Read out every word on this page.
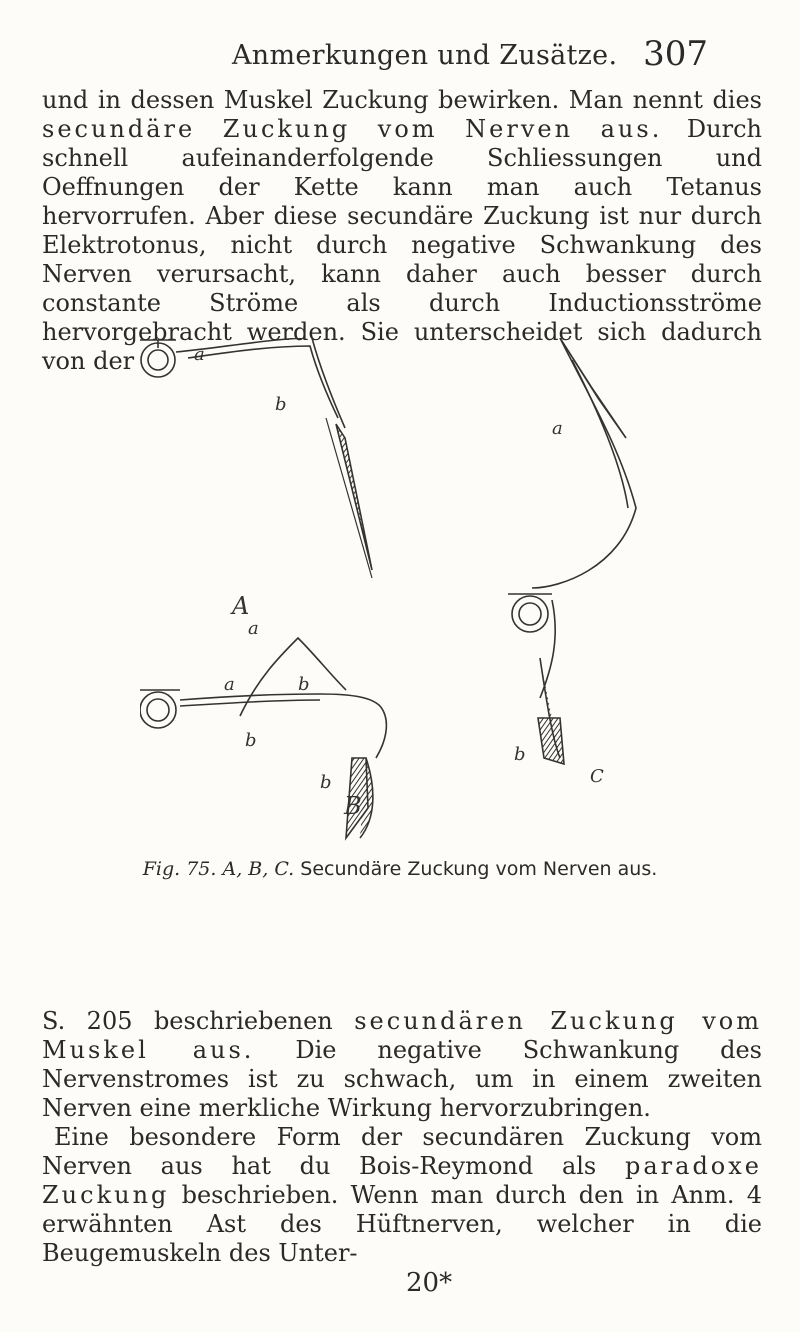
Anmerkungen und Zusätze. 307

und in dessen Muskel Zuckung bewirken. Man nennt dies secundäre Zuckung vom Nerven aus. Durch schnell aufeinanderfolgende Schliessungen und Oeffnungen der Kette kann man auch Tetanus hervorrufen. Aber diese secundäre Zuckung ist nur durch Elektrotonus, nicht durch negative Schwankung des Nerven verursacht, kann daher auch besser durch constante Ströme als durch Inductionsströme hervorgebracht werden. Sie unterscheidet sich dadurch von der	a
b
A
a
a	b
b
b
B
a
b
C
Fig. 75. A, B, C. Secundäre Zuckung vom Nerven aus.

S. 205 beschriebenen secundären Zuckung vom Muskel aus. Die negative Schwankung des Nervenstromes ist zu schwach, um in einem zweiten Nerven eine merkliche Wirkung hervorzubringen.

Eine besondere Form der secundären Zuckung vom Nerven aus hat du Bois-Reymond als paradoxe Zuckung beschrieben. Wenn man durch den in Anm. 4 erwähnten Ast des Hüftnerven, welcher in die Beugemuskeln des Unter-

20*
